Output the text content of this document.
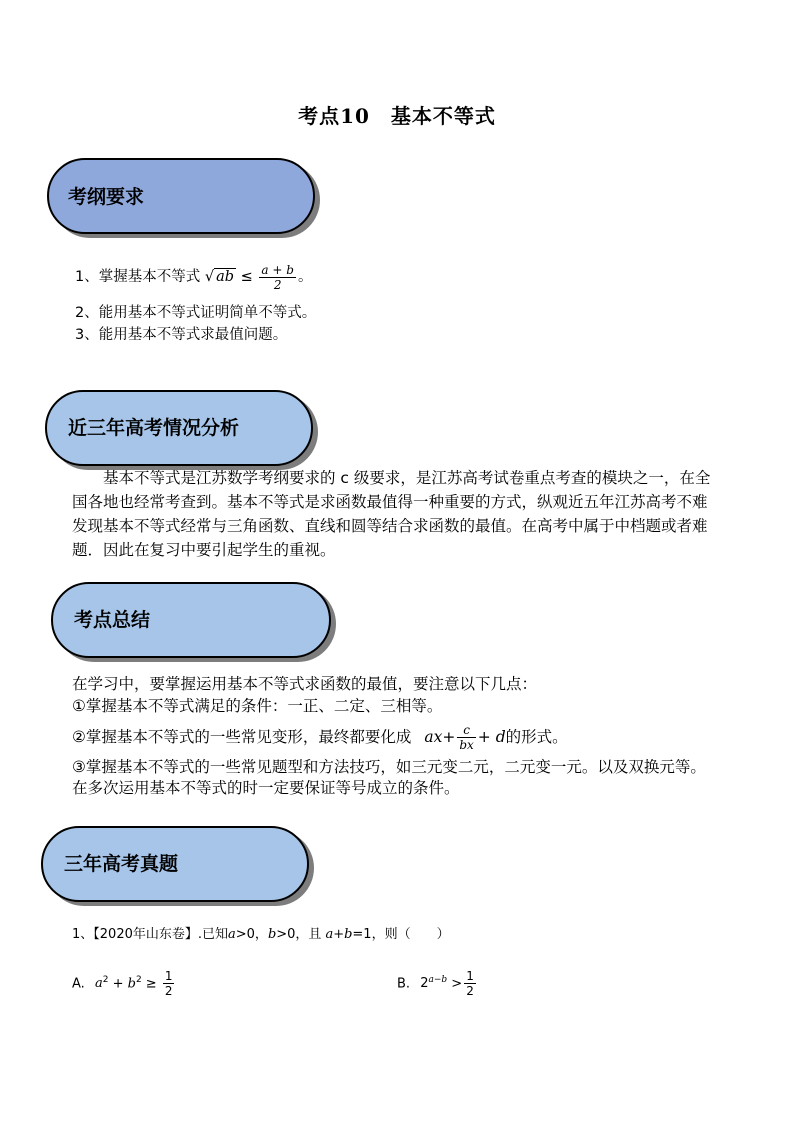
考点10　基本不等式
考纲要求
1、掌握基本不等式 √ ab ≤ $\frac{a + b}{2}$ 。
2、能用基本不等式证明简单不等式。
3、能用基本不等式求最值问题。
近三年高考情况分析
基本不等式是江苏数学考纲要求的 c 级要求，是江苏高考试卷重点考查的模块之一，在全
国各地也经常考查到。基本不等式是求函数最值得一种重要的方式，纵观近五年江苏高考不难
发现基本不等式经常与三角函数、直线和圆等结合求函数的最值。在高考中属于中档题或者难
题．因此在复习中要引起学生的重视。
考点总结
在学习中，要掌握运用基本不等式求函数的最值，要注意以下几点：
①掌握基本不等式满足的条件：一正、二定、三相等。
②掌握基本不等式的一些常见变形，最终都要化成 $ax+ \frac{c}{bx} + d$的形式。
③掌握基本不等式的一些常见题型和方法技巧，如三元变二元，二元变一元。以及双换元等。
在多次运用基本不等式的时一定要保证等号成立的条件。
三年高考真题
1、【2020年山东卷】.已知a>0，b>0，且 a+b=1，则（　　）
A. $a^2 + b^2 \ge \frac{1}{2}$	B. $2^{a-b} > \frac{1}{2}$
